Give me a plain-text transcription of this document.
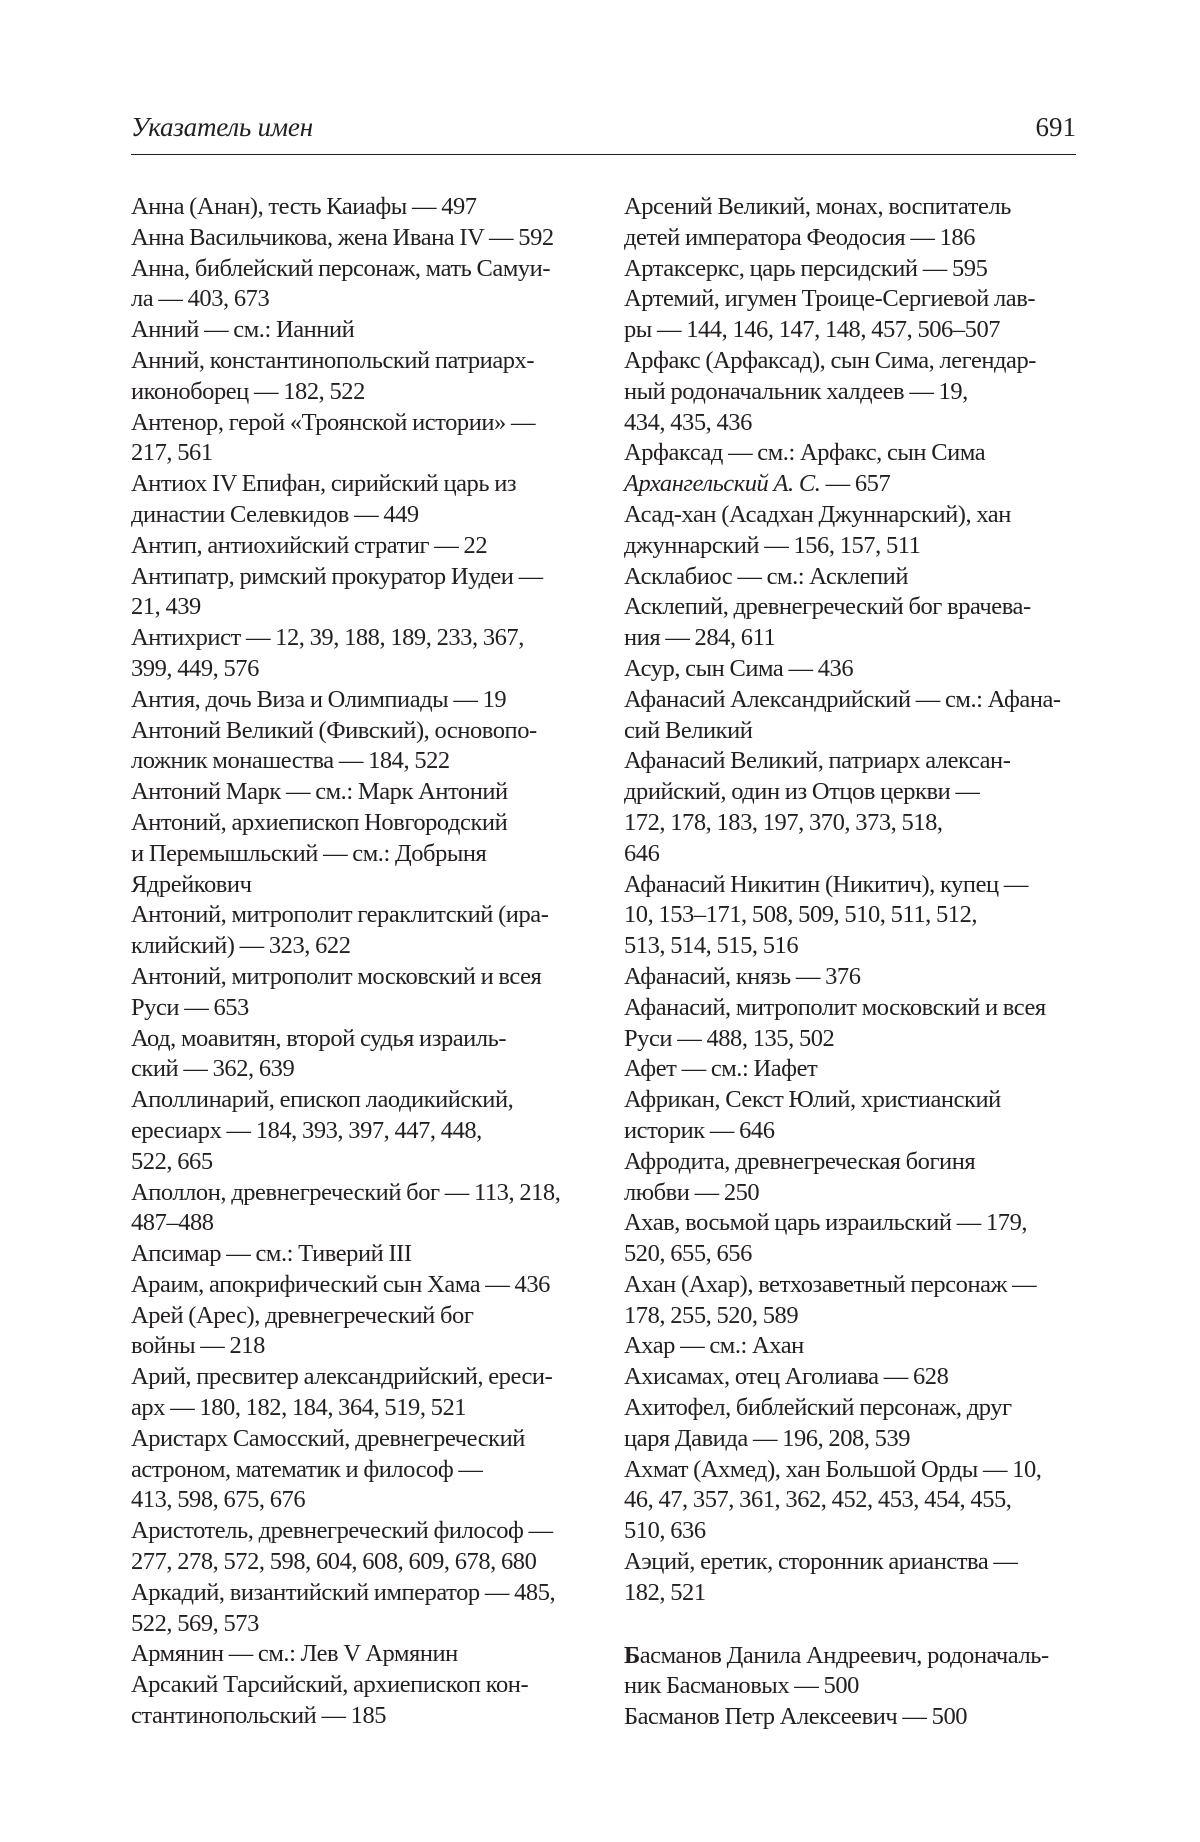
Указатель имен	691
Анна (Анан), тесть Каиафы — 497
Анна Васильчикова, жена Ивана IV — 592
Анна, библейский персонаж, мать Самуи-
ла — 403, 673
Анний — см.: Ианний
Анний, константинопольский патриарх-
иконоборец — 182, 522
Антенор, герой «Троянской истории» —
217, 561
Антиох IV Епифан, сирийский царь из
династии Селевкидов — 449
Антип, антиохийский стратиг — 22
Антипатр, римский прокуратор Иудеи —
21, 439
Антихрист — 12, 39, 188, 189, 233, 367,
399, 449, 576
Антия, дочь Виза и Олимпиады — 19
Антоний Великий (Фивский), основопо-
ложник монашества — 184, 522
Антоний Марк — см.: Марк Антоний
Антоний, архиепископ Новгородский
и Перемышльский — см.: Добрыня
Ядрейкович
Антоний, митрополит гераклитский (ира-
клийский) — 323, 622
Антоний, митрополит московский и всея
Руси — 653
Аод, моавитян, второй судья израиль-
ский — 362, 639
Аполлинарий, епископ лаодикийский,
ересиарх — 184, 393, 397, 447, 448,
522, 665
Аполлон, древнегреческий бог — 113, 218,
487–488
Апсимар — см.: Тиверий III
Араим, апокрифический сын Хама — 436
Арей (Арес), древнегреческий бог
войны — 218
Арий, пресвитер александрийский, ереси-
арх — 180, 182, 184, 364, 519, 521
Аристарх Самосский, древнегреческий
астроном, математик и философ —
413, 598, 675, 676
Аристотель, древнегреческий философ —
277, 278, 572, 598, 604, 608, 609, 678, 680
Аркадий, византийский император — 485,
522, 569, 573
Армянин — см.: Лев V Армянин
Арсакий Тарсийский, архиепископ кон-
стантинопольский — 185
Арсений Великий, монах, воспитатель
детей императора Феодосия — 186
Артаксеркс, царь персидский — 595
Артемий, игумен Троице-Сергиевой лав-
ры — 144, 146, 147, 148, 457, 506–507
Арфакс (Арфаксад), сын Сима, легендар-
ный родоначальник халдеев — 19,
434, 435, 436
Арфаксад — см.: Арфакс, сын Сима
Архангельский А. С. — 657
Асад-хан (Асадхан Джуннарский), хан
джуннарский — 156, 157, 511
Асклабиос — см.: Асклепий
Асклепий, древнегреческий бог врачева-
ния — 284, 611
Асур, сын Сима — 436
Афанасий Александрийский — см.: Афана-
сий Великий
Афанасий Великий, патриарх алексан-
дрийский, один из Отцов церкви —
172, 178, 183, 197, 370, 373, 518,
646
Афанасий Никитин (Никитич), купец —
10, 153–171, 508, 509, 510, 511, 512,
513, 514, 515, 516
Афанасий, князь — 376
Афанасий, митрополит московский и всея
Руси — 488, 135, 502
Афет — см.: Иафет
Африкан, Секст Юлий, христианский
историк — 646
Афродита, древнегреческая богиня
любви — 250
Ахав, восьмой царь израильский — 179,
520, 655, 656
Ахан (Ахар), ветхозаветный персонаж —
178, 255, 520, 589
Ахар — см.: Ахан
Ахисамах, отец Аголиава — 628
Ахитофел, библейский персонаж, друг
царя Давида — 196, 208, 539
Ахмат (Ахмед), хан Большой Орды — 10,
46, 47, 357, 361, 362, 452, 453, 454, 455,
510, 636
Аэций, еретик, сторонник арианства —
182, 521
Басманов Данила Андреевич, родоначаль-
ник Басмановых — 500
Басманов Петр Алексеевич — 500
